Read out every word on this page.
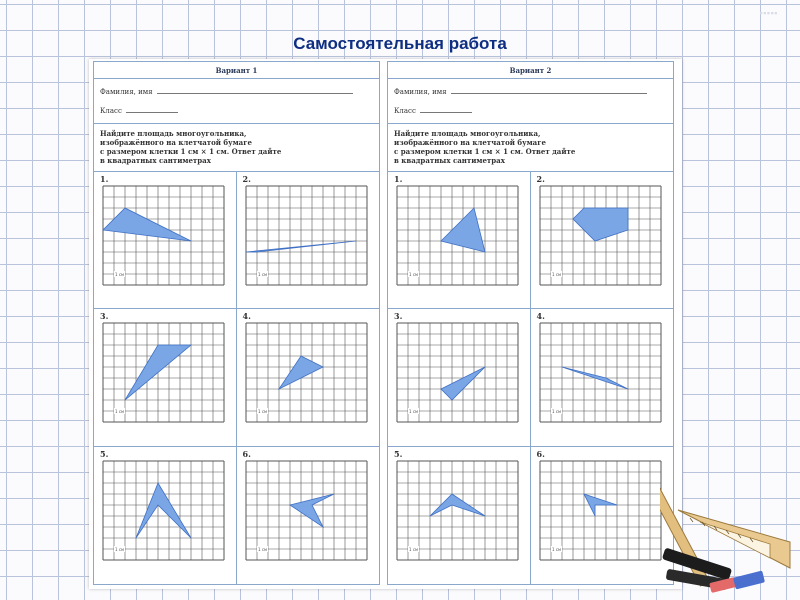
▪▪▪▪▪
Самостоятельная работа
Вариант 1
Фамилия, имя
Класс
Найдите площадь многоугольника,
изображённого на клетчатой бумаге
с размером клетки 1 см × 1 см. Ответ дайте
в квадратных сантиметрах
1.
1 см
2.
1 см
3.
1 см
4.
1 см
5.
1 см
6.
1 см
Вариант 2
Фамилия, имя
Класс
Найдите площадь многоугольника,
изображённого на клетчатой бумаге
с размером клетки 1 см × 1 см. Ответ дайте
в квадратных сантиметрах
1.
1 см
2.
1 см
3.
1 см
4.
1 см
5.
1 см
6.
1 см
